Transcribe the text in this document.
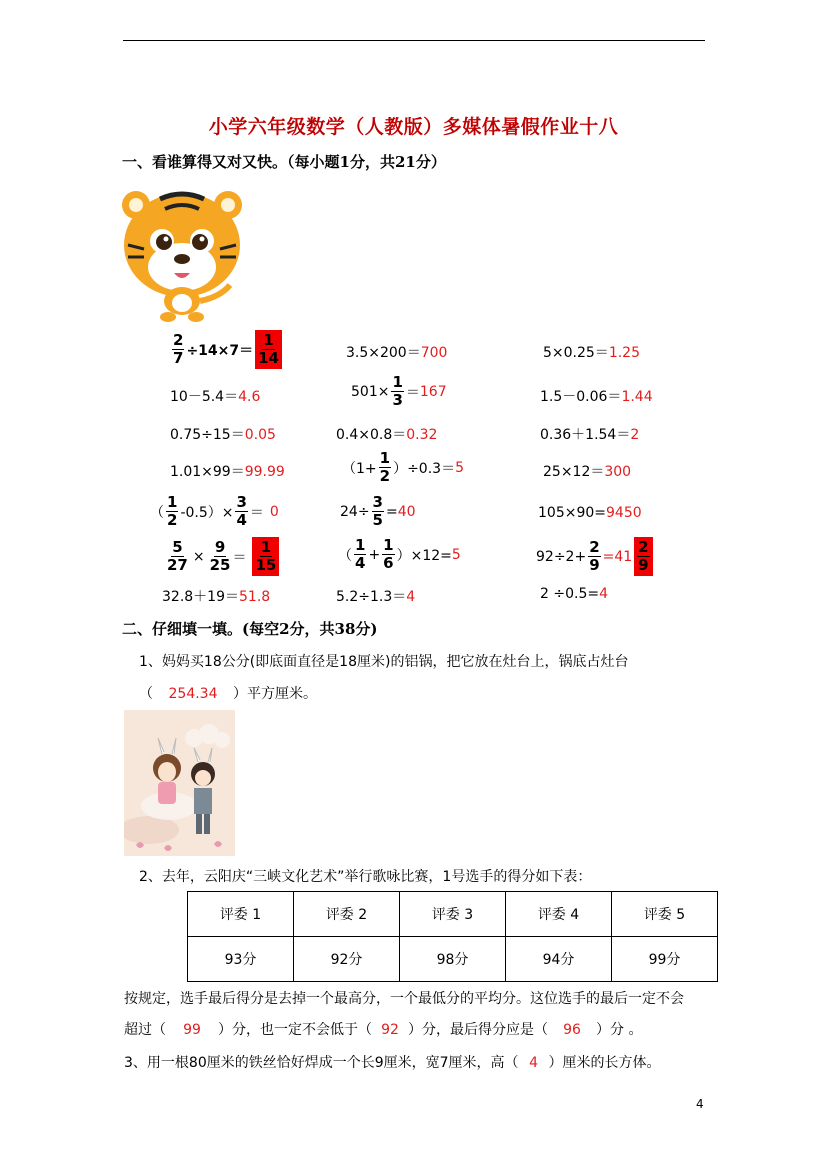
小学六年级数学（人教版）多媒体暑假作业十八
一、看谁算得又对又快。（每小题1分，共21分）
$\frac{2}{7} \div 14\times 7= \frac{1}{14}$	3.5×200＝700	5×0.25＝1.25
10－5.4＝4.6	$501\times \frac{1}{3} = 167$	1.5－0.06＝1.44
0.75÷15＝0.05	0.4×0.8＝0.32	0.36＋1.54＝2
1.01×99＝99.99	$(1+ \frac{1}{2} )\div 0.3= 5$	25×12＝300
（ $\frac{1}{2} -0.5)\times \frac{3}{4} = 0$	$24\div \frac{3}{5} = 40$	105×90=9450
$\frac{5}{27} \times \frac{9}{25} = \frac{1}{15}$	（ $\frac{1}{4} + \frac{1}{6} )\times 12= 5$	$92\div 2+ \frac{2}{9} =41 \frac{2}{9}$
32.8＋19＝51.8	5.2÷1.3＝4	2 ÷0.5=4
二、仔细填一填。(每空2分，共38分)
1、妈妈买18公分(即底面直径是18厘米)的铝锅，把它放在灶台上，锅底占灶台
（ 254.34 ）平方厘米。
2、去年，云阳庆“三峡文化艺术”举行歌咏比赛，1号选手的得分如下表：
评委 1	评委 2	评委 3	评委 4	评委 5
93分	92分	98分	94分	99分
按规定，选手最后得分是去掉一个最高分，一个最低分的平均分。这位选手的最后一定不会
超过（ 99 ）分，也一定不会低于（ 92 ）分，最后得分应是（ 96 ）分 。
3、用一根80厘米的铁丝恰好焊成一个长9厘米，宽7厘米，高（ 4 ）厘米的长方体。
4
